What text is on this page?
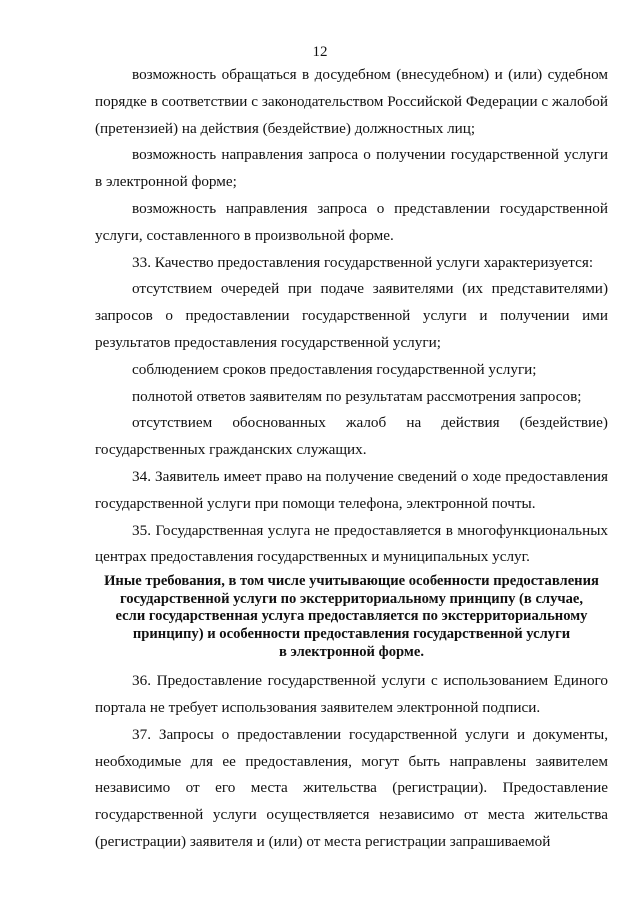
12

возможность обращаться в досудебном (внесудебном) и (или) судебном порядке в соответствии с законодательством Российской Федерации с жалобой (претензией) на действия (бездействие) должностных лиц;

возможность направления запроса о получении государственной услуги в электронной форме;

возможность направления запроса о представлении государственной услуги, составленного в произвольной форме.

33. Качество предоставления государственной услуги характеризуется:

отсутствием очередей при подаче заявителями (их представителями) запросов о предоставлении государственной услуги и получении ими результатов предоставления государственной услуги;

соблюдением сроков предоставления государственной услуги;

полнотой ответов заявителям по результатам рассмотрения запросов;

отсутствием обоснованных жалоб на действия (бездействие) государственных гражданских служащих.

34. Заявитель имеет право на получение сведений о ходе предоставления государственной услуги при помощи телефона, электронной почты.

35. Государственная услуга не предоставляется в многофункциональных центрах предоставления государственных и муниципальных услуг.

Иные требования, в том числе учитывающие особенности предоставления
государственной услуги по экстерриториальному принципу (в случае,
если государственная услуга предоставляется по экстерриториальному
принципу) и особенности предоставления государственной услуги
в электронной форме.

36. Предоставление государственной услуги с использованием Единого портала не требует использования заявителем электронной подписи.

37. Запросы о предоставлении государственной услуги и документы, необходимые для ее предоставления, могут быть направлены заявителем независимо от его места жительства (регистрации). Предоставление государственной услуги осуществляется независимо от места жительства (регистрации) заявителя и (или) от места регистрации запрашиваемой
